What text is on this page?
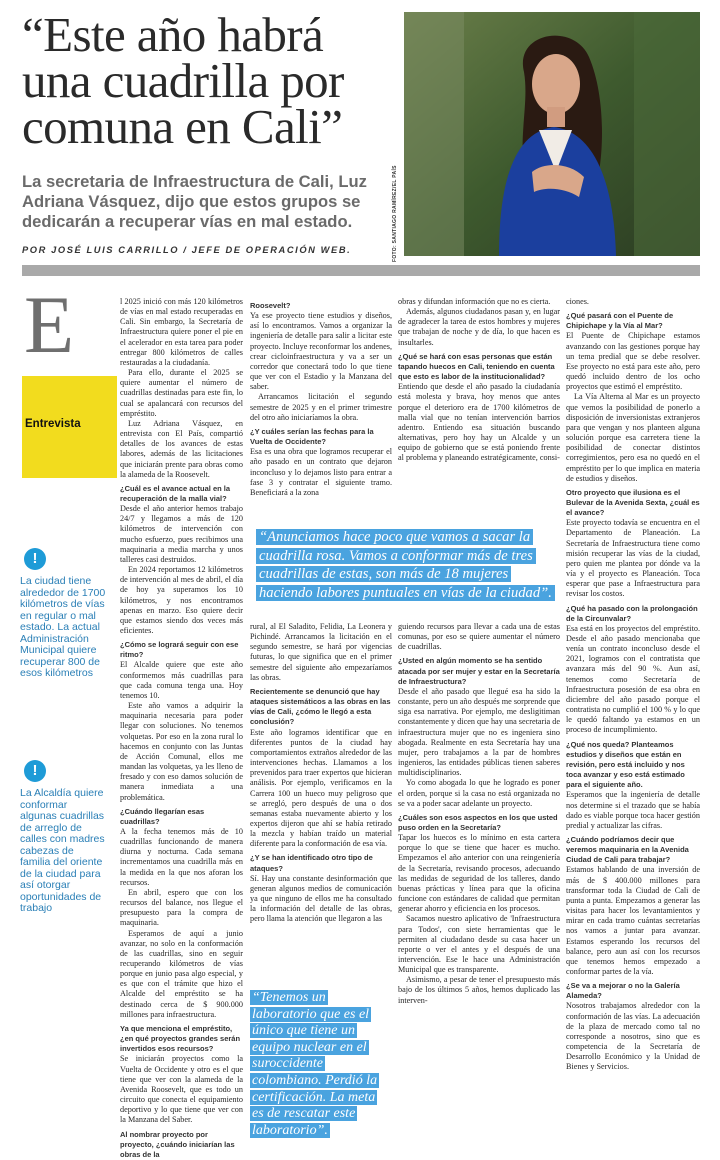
“Este año habrá una cuadrilla por comuna en Cali”
La secretaria de Infraestructura de Cali, Luz Adriana Vásquez, dijo que estos grupos se dedicarán a recuperar vías en mal estado.	FOTO: SANTIAGO RAMÍREZ/EL PAÍS
POR JOSÉ LUIS CARRILLO / JEFE DE OPERACIÓN WEB.
E
Entrevista
!
La ciudad tiene alrededor de 1700 kilómetros de vías en regular o mal estado. La actual Administración Municipal quiere recuperar 800 de esos kilómetros
!
La Alcaldía quiere conformar algunas cuadrillas de arreglo de calles con madres cabezas de familia del oriente de la ciudad para así otorgar oportunidades de trabajo

l 2025 inició con más 120 kilómetros de vías en mal estado recuperadas en Cali. Sin embargo, la Secretaría de Infraestructura quiere poner el pie en el acelerador en esta tarea para poder entregar 800 kilómetros de calles restauradas a la ciudadanía.

Para ello, durante el 2025 se quiere aumentar el número de cuadrillas destinadas para este fin, lo cual se apalancará con recursos del empréstito.

Luz Adriana Vásquez, en entrevista con El País, compartió detalles de los avances de estas labores, además de las licitaciones que iniciarán prente para obras como la alameda de la Roosevelt.

¿Cuál es el avance actual en la recuperación de la malla vial?

Desde el año anterior hemos trabajo 24/7 y llegamos a más de 120 kilómetros de intervención con mucho esfuerzo, pues recibimos una maquinaria a media marcha y unos talleres casi destruidos.

En 2024 reportamos 12 kilómetros de intervención al mes de abril, el día de hoy ya superamos los 10 kilómetros, y nos encontramos apenas en marzo. Eso quiere decir que estamos siendo dos veces más eficientes.

¿Cómo se logrará seguir con ese ritmo?

El Alcalde quiere que este año conformemos más cuadrillas para que cada comuna tenga una. Hoy tenemos 10.

Este año vamos a adquirir la maquinaria necesaria para poder llegar con soluciones. No tenemos volquetas. Por eso en la zona rural lo hacemos en conjunto con las Juntas de Acción Comunal, ellos me mandan las volquetas, ya les lleno de fresado y con eso damos solución de manera inmediata a una problemática.

¿Cuándo llegarían esas cuadrillas?

A la fecha tenemos más de 10 cuadrillas funcionando de manera diurna y nocturna. Cada semana incrementamos una cuadrilla más en la medida en la que nos aforan los recursos.

En abril, espero que con los recursos del balance, nos llegue el presupuesto para la compra de maquinaria.

Esperamos de aquí a junio avanzar, no solo en la conformación de las cuadrillas, sino en seguir recuperando kilómetros de vías porque en junio pasa algo especial, y es que con el trámite que hizo el Alcalde del empréstito se ha destinado cerca de $ 900.000 millones para infraestructura.

Ya que menciona el empréstito, ¿en qué proyectos grandes serán invertidos esos recursos?

Se iniciarán proyectos como la Vuelta de Occidente y otro es el que tiene que ver con la alameda de la Avenida Roosevelt, que es todo un circuito que conecta el equipamiento deportivo y lo que tiene que ver con la Manzana del Saber.

Al nombrar proyecto por proyecto, ¿cuándo iniciarían las obras de la

Roosevelt?

Ya ese proyecto tiene estudios y diseños, así lo encontramos. Vamos a organizar la ingeniería de detalle para salir a licitar este proyecto. Incluye reconformar los andenes, crear cicloinfraestructura y va a ser un corredor que conectará todo lo que tiene que ver con el Estadio y la Manzana del saber.

Arrancamos licitación el segundo semestre de 2025 y en el primer trimestre del otro año iniciaríamos la obra.

¿Y cuáles serían las fechas para la Vuelta de Occidente?

Esa es una obra que logramos recuperar el año pasado en un contrato que dejaron inconcluso y lo dejamos listo para entrar a fase 3 y contratar el siguiente tramo. Beneficiará a la zona

obras y difundan información que no es cierta.

Además, algunos ciudadanos pasan y, en lugar de agradecer la tarea de estos hombres y mujeres que trabajan de noche y de día, lo que hacen es insultarles.

¿Qué se hará con esas personas que están tapando huecos en Cali, teniendo en cuenta que esto es labor de la institucionalidad?

Entiendo que desde el año pasado la ciudadanía está molesta y brava, hoy menos que antes porque el deterioro era de 1700 kilómetros de malla vial que no tenían intervención barrios adentro. Entiendo esa situación buscando alternativas, pero hoy hay un Alcalde y un equipo de gobierno que se está poniendo frente al problema y planeando estratégicamente, consi-

“Anunciamos hace poco que vamos a sacar la cuadrilla rosa. Vamos a conformar más de tres cuadrillas de estas, son más de 18 mujeres haciendo labores puntuales en vías de la ciudad”.

rural, al El Saladito, Felidia, La Leonera y Pichindé. Arrancamos la licitación en el segundo semestre, se hará por vigencias futuras, lo que significa que en el primer semestre del siguiente año empezaríamos las obras.

Recientemente se denunció que hay ataques sistemáticos a las obras en las vías de Cali, ¿cómo le llegó a esta conclusión?

Este año logramos identificar que en diferentes puntos de la ciudad hay comportamientos extraños alrededor de las intervenciones hechas. Llamamos a los prevenidos para traer expertos que hicieran análisis. Por ejemplo, verificamos en la Carrera 100 un hueco muy peligroso que se arregló, pero después de una o dos semanas estaba nuevamente abierto y los expertos dijeron que ahí se había retirado la mezcla y habían traído un material diferente para la conformación de esa vía.

¿Y se han identificado otro tipo de ataques?

Sí. Hay una constante desinformación que generan algunos medios de comunicación ya que ninguno de ellos me ha consultado la información del detalle de las obras, pero llama la atención que llegaron a las

guiendo recursos para llevar a cada una de estas comunas, por eso se quiere aumentar el número de cuadrillas.

¿Usted en algún momento se ha sentido atacada por ser mujer y estar en la Secretaría de Infraestructura?

Desde el año pasado que llegué esa ha sido la constante, pero un año después me sorprende que siga esa narrativa. Por ejemplo, me desligitiman constantemente y dicen que hay una secretaria de infraestructura mujer que no es ingeniera sino abogada. Realmente en esta Secretaría hay una mujer, pero trabajamos a la par de hombres ingenieros, las entidades públicas tienen saberes multidisciplinarios.

Yo como abogada lo que he logrado es poner el orden, porque si la casa no está organizada no se va a poder sacar adelante un proyecto.

¿Cuáles son esos aspectos en los que usted puso orden en la Secretaría?

Tapar los huecos es lo mínimo en esta cartera porque lo que se tiene que hacer es mucho. Empezamos el año anterior con una reingeniería de la Secretaría, revisando procesos, adecuando las medidas de seguridad de los talleres, dando buenas prácticas y línea para que la oficina funcione con estándares de calidad que permitan generar ahorro y eficiencia en los procesos.

Sacamos nuestro aplicativo de 'Infraestructura para Todos', con siete herramientas que le permiten al ciudadano desde su casa hacer un reporte o ver el antes y el después de una intervención. Ese le hace una Administración Municipal que es transparente.

Asimismo, a pesar de tener el presupuesto más bajo de los últimos 5 años, hemos duplicado las interven-

ciones.

¿Qué pasará con el Puente de Chipichape y la Vía al Mar?

El Puente de Chipichape estamos avanzando con las gestiones porque hay un tema predial que se debe resolver. Ese proyecto no está para este año, pero quedó incluido dentro de los ocho proyectos que estimó el empréstito.

La Vía Alterna al Mar es un proyecto que vemos la posibilidad de ponerlo a disposición de inversionistas extranjeros para que vengan y nos planteen alguna solución porque esa carretera tiene la posibilidad de conectar distintos corregimientos, pero esa no quedó en el empréstito per lo que implica en materia de estudios y diseños.

Otro proyecto que ilusiona es el Bulevar de la Avenida Sexta, ¿cuál es el avance?

Este proyecto todavía se encuentra en el Departamento de Planeación. La Secretaría de Infraestructura tiene como misión recuperar las vías de la ciudad, pero quien me plantea por dónde va la vía y el proyecto es Planeación. Toca esperar que pase a Infraestructura para revisar los costos.

¿Qué ha pasado con la prolongación de la Circunvalar?

Esa está en los proyectos del empréstito. Desde el año pasado mencionaba que venía un contrato inconcluso desde el 2021, logramos con el contratista que avanzara más del 90 %. Aun así, tenemos como Secretaría de Infraestructura posesión de esa obra en diciembre del año pasado porque el contratista no cumplió el 100 % y lo que le quedó faltando ya estamos en un proceso de incumplimiento.

¿Qué nos queda? Planteamos estudios y diseños que están en revisión, pero está incluido y nos toca avanzar y eso está estimado para el siguiente año.

Esperamos que la ingeniería de detalle nos determine si el trazado que se había dado es viable porque toca hacer gestión predial y actualizar las cifras.

¿Cuándo podríamos decir que veremos maquinaria en la Avenida Ciudad de Cali para trabajar?

Estamos hablando de una inversión de más de $ 400.000 millones para transformar toda la Ciudad de Cali de punta a punta. Empezamos a generar las visitas para hacer los levantamientos y mirar en cada tramo cuántas secretarías nos vamos a juntar para avanzar. Estamos esperando los recursos del balance, pero aun así con los recursos que tenemos hemos empezado a conformar partes de la vía.

¿Se va a mejorar o no la Galería Alameda?

Nosotros trabajamos alrededor con la conformación de las vías. La adecuación de la plaza de mercado como tal no corresponde a nosotros, sino que es competencia de la Secretaría de Desarrollo Económico y la Unidad de Bienes y Servicios.

“Tenemos un laboratorio que es el único que tiene un equipo nuclear en el suroccidente colombiano. Perdió la certificación. La meta es de rescatar este laboratorio”.
